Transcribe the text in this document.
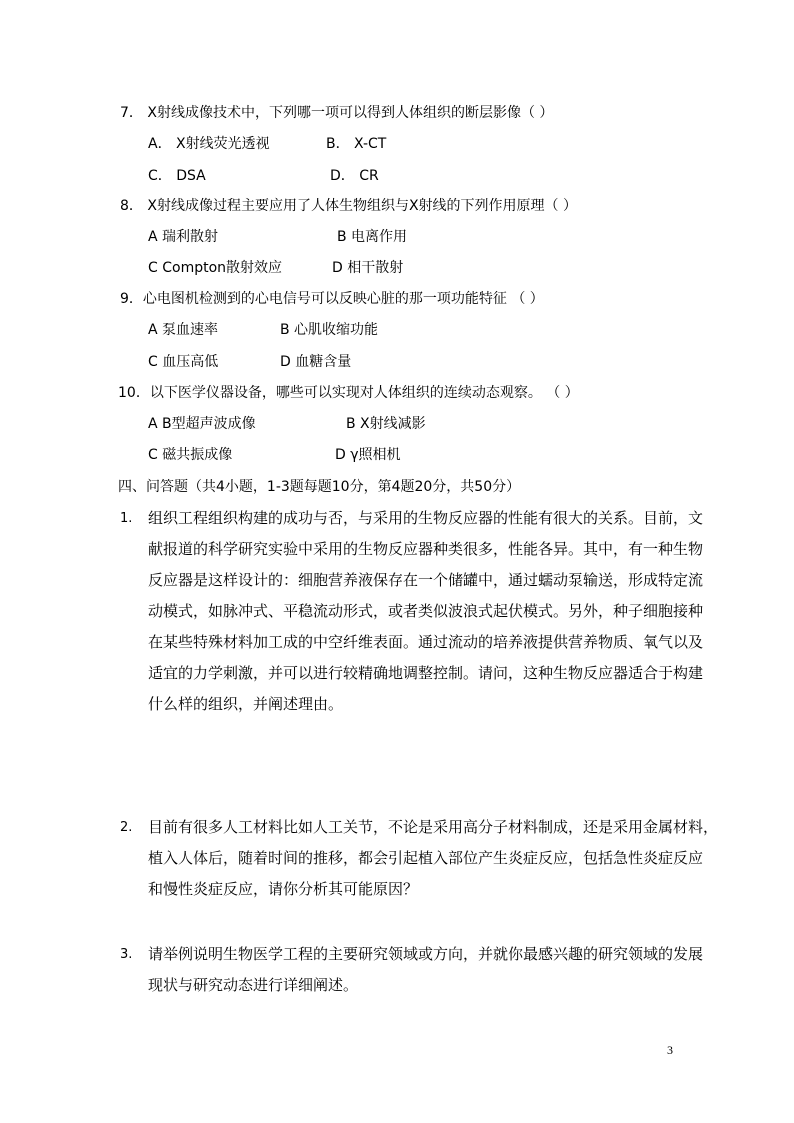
7． X射线成像技术中，下列哪一项可以得到人体组织的断层影像（ ）
A． X射线荧光透视	B． X-CT
C． DSA	D． CR
8． X射线成像过程主要应用了人体生物组织与X射线的下列作用原理（ ）
A 瑞利散射	B 电离作用
C Compton散射效应	D 相干散射
9．心电图机检测到的心电信号可以反映心脏的那一项功能特征 （ ）
A 泵血速率	B 心肌收缩功能
C 血压高低	D 血糖含量
10．以下医学仪器设备，哪些可以实现对人体组织的连续动态观察。 （ ）
A B型超声波成像	B X射线减影
C 磁共振成像	D γ照相机
四、问答题（共4小题，1-3题每题10分，第4题20分，共50分）
1. 组织工程组织构建的成功与否，与采用的生物反应器的性能有很大的关系。目前，文
献报道的科学研究实验中采用的生物反应器种类很多，性能各异。其中，有一种生物
反应器是这样设计的：细胞营养液保存在一个储罐中，通过蠕动泵输送，形成特定流
动模式，如脉冲式、平稳流动形式，或者类似波浪式起伏模式。另外，种子细胞接种
在某些特殊材料加工成的中空纤维表面。通过流动的培养液提供营养物质、氧气以及
适宜的力学刺激，并可以进行较精确地调整控制。请问，这种生物反应器适合于构建
什么样的组织，并阐述理由。
2. 目前有很多人工材料比如人工关节，不论是采用高分子材料制成，还是采用金属材料，
植入人体后，随着时间的推移，都会引起植入部位产生炎症反应，包括急性炎症反应
和慢性炎症反应，请你分析其可能原因？
3. 请举例说明生物医学工程的主要研究领域或方向，并就你最感兴趣的研究领域的发展
现状与研究动态进行详细阐述。
3
